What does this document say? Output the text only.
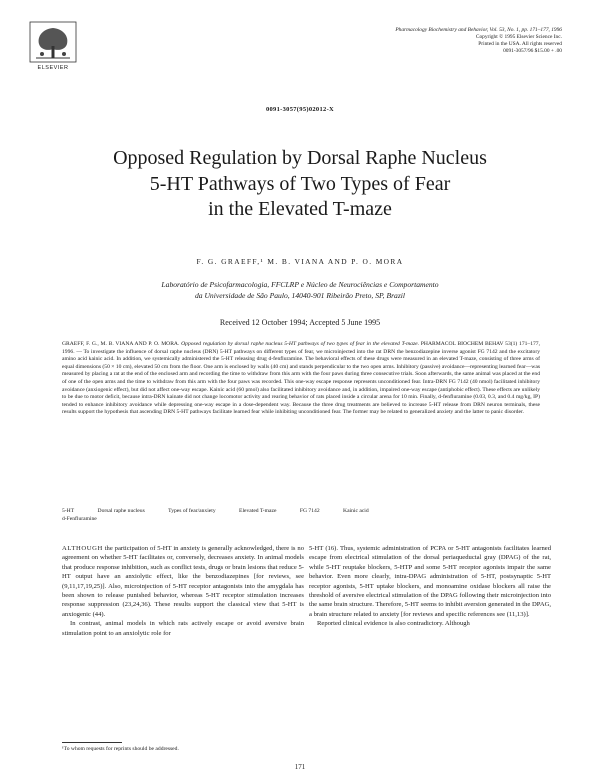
ELSEVIER
Pharmacology Biochemistry and Behavior, Vol. 53, No. 1, pp. 171–177, 1996
Copyright © 1995 Elsevier Science Inc.
Printed in the USA. All rights reserved
0091-3057/96 $15.00 + .00
0091-3057(95)02012-X
Opposed Regulation by Dorsal Raphe Nucleus
5-HT Pathways of Two Types of Fear
in the Elevated T-maze
F. G. GRAEFF,¹ M. B. VIANA AND P. O. MORA
Laboratório de Psicofarmacologia, FFCLRP e Núcleo de Neurociências e Comportamento
da Universidade de São Paulo, 14040-901 Ribeirão Preto, SP, Brazil
Received 12 October 1994; Accepted 5 June 1995
GRAEFF, F. G., M. B. VIANA AND P. O. MORA. Opposed regulation by dorsal raphe nucleus 5-HT pathways of two types of fear in the elevated T-maze. PHARMACOL BIOCHEM BEHAV 53(1) 171–177, 1996. — To investigate the influence of dorsal raphe nucleus (DRN) 5-HT pathways on different types of fear, we microinjected into the rat DRN the benzodiazepine inverse agonist FG 7142 and the excitatory amino acid kainic acid. In addition, we systemically administered the 5-HT releasing drug d-fenfluramine. The behavioral effects of these drugs were measured in an elevated T-maze, consisting of three arms of equal dimensions (50 × 10 cm), elevated 50 cm from the floor. One arm is enclosed by walls (40 cm) and stands perpendicular to the two open arms. Inhibitory (passive) avoidance—representing learned fear—was measured by placing a rat at the end of the enclosed arm and recording the time to withdraw from this arm with the four paws during three consecutive trials. Soon afterwards, the same animal was placed at the end of one of the open arms and the time to withdraw from this arm with the four paws was recorded. This one-way escape response represents unconditioned fear. Intra-DRN FG 7142 (40 nmol) facilitated inhibitory avoidance (anxiogenic effect), but did not affect one-way escape. Kainic acid (60 pmol) also facilitated inhibitory avoidance and, in addition, impaired one-way escape (antiphobic effect). These effects are unlikely to be due to motor deficit, because intra-DRN kainate did not change locomotor activity and rearing behavior of rats placed inside a circular arena for 10 min. Finally, d-fenfluramine (0.03, 0.3, and 0.4 mg/kg, IP) tended to enhance inhibitory avoidance while depressing one-way escape in a dose-dependent way. Because the three drug treatments are believed to increase 5-HT release from DRN neuron terminals, these results support the hypothesis that ascending DRN 5-HT pathways facilitate learned fear while inhibiting unconditioned fear. The former may be related to generalized anxiety and the latter to panic disorder.
5-HT	Dorsal raphe nucleus	Types of fear/anxiety	Elevated T-maze	FG 7142	Kainic acid
d-Fenfluramine

ALTHOUGH the participation of 5-HT in anxiety is generally acknowledged, there is no agreement on whether 5-HT facilitates or, conversely, decreases anxiety. In animal models that produce response inhibition, such as conflict tests, drugs or brain lesions that reduce 5-HT output have an anxiolytic effect, like the benzodiazepines [for reviews, see (9,11,17,19,25)]. Also, microinjection of 5-HT receptor antagonists into the amygdala has been shown to release punished behavior, whereas 5-HT receptor stimulation increases response suppression (23,24,36). These results support the classical view that 5-HT is anxiogenic (44).

In contrast, animal models in which rats actively escape or avoid aversive brain stimulation point to an anxiolytic role for

5-HT (16). Thus, systemic administration of PCPA or 5-HT antagonists facilitates learned escape from electrical stimulation of the dorsal periaqueductal gray (DPAG) of the rat, while 5-HT reuptake blockers, 5-HTP and some 5-HT receptor agonists impair the same behavior. Even more clearly, intra-DPAG administration of 5-HT, postsynaptic 5-HT receptor agonists, 5-HT uptake blockers, and monoamine oxidase blockers all raise the threshold of aversive electrical stimulation of the DPAG following their microinjection into the same brain structure. Therefore, 5-HT seems to inhibit aversion generated in the DPAG, a brain structure related to anxiety [for reviews and specific references see (11,13)].

Reported clinical evidence is also contradictory. Although

¹To whom requests for reprints should be addressed.
171
